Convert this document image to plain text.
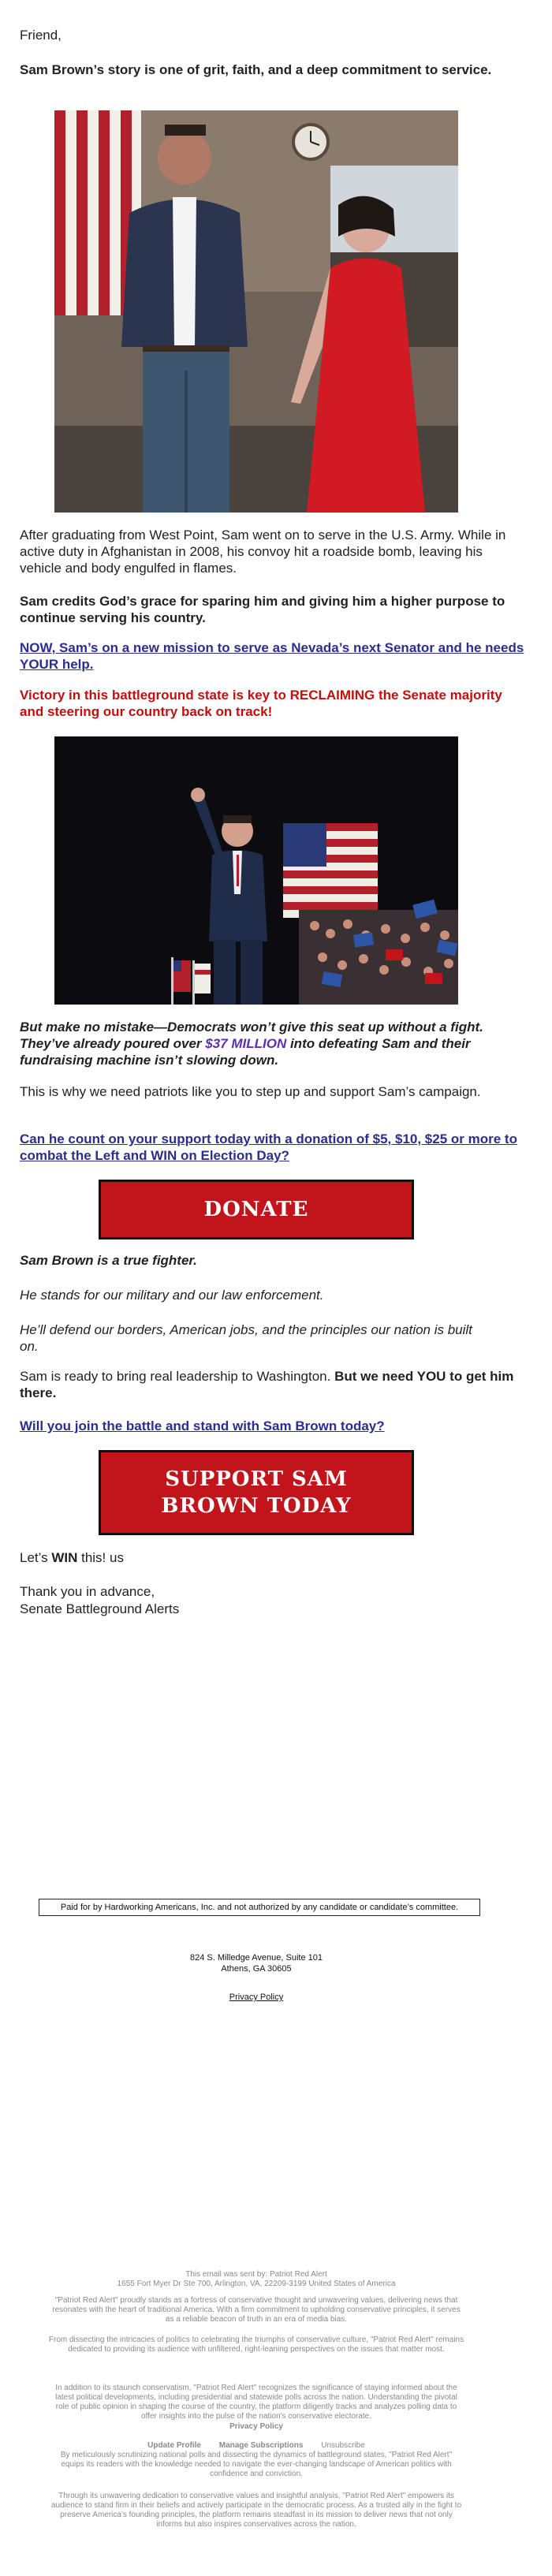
Friend,

Sam Brown’s story is one of grit, faith, and a deep commitment to service.

After graduating from West Point, Sam went on to serve in the U.S. Army. While in active duty in Afghanistan in 2008, his convoy hit a roadside bomb, leaving his vehicle and body engulfed in flames.

Sam credits God’s grace for sparing him and giving him a higher purpose to continue serving his country.

NOW, Sam’s on a new mission to serve as Nevada’s next Senator and he needs YOUR help.

Victory in this battleground state is key to RECLAIMING the Senate majority and steering our country back on track!

But make no mistake—Democrats won’t give this seat up without a fight. They’ve already poured over $37 MILLION into defeating Sam and their fundraising machine isn’t slowing down.

This is why we need patriots like you to step up and support Sam’s campaign.

Can he count on your support today with a donation of $5, $10, $25 or more to combat the Left and WIN on Election Day?

DONATE

Sam Brown is a true fighter.

He stands for our military and our law enforcement.

He’ll defend our borders, American jobs, and the principles our nation is built on.

Sam is ready to bring real leadership to Washington. But we need YOU to get him there.

Will you join the battle and stand with Sam Brown today?

SUPPORT SAM BROWN TODAY

Let’s WIN this! us

Thank you in advance,

Senate Battleground Alerts

Paid for by Hardworking Americans, Inc. and not authorized by any candidate or candidate’s committee.
824 S. Milledge Avenue, Suite 101
Athens, GA 30605
Privacy Policy
This email was sent by: Patriot Red Alert
1655 Fort Myer Dr Ste 700, Arlington, VA, 22209-3199 United States of America
"Patriot Red Alert" proudly stands as a fortress of conservative thought and unwavering values, delivering news that resonates with the heart of traditional America. With a firm commitment to upholding conservative principles, it serves as a reliable beacon of truth in an era of media bias.
From dissecting the intricacies of politics to celebrating the triumphs of conservative culture, "Patriot Red Alert" remains dedicated to providing its audience with unfiltered, right-leaning perspectives on the issues that matter most.
In addition to its staunch conservatism, "Patriot Red Alert" recognizes the significance of staying informed about the latest political developments, including presidential and statewide polls across the nation. Understanding the pivotal role of public opinion in shaping the course of the country, the platform diligently tracks and analyzes polling data to offer insights into the pulse of the nation's conservative electorate.
Privacy Policy
Update Profile Manage Subscriptions Unsubscribe
By meticulously scrutinizing national polls and dissecting the dynamics of battleground states, "Patriot Red Alert" equips its readers with the knowledge needed to navigate the ever-changing landscape of American politics with confidence and conviction.
Through its unwavering dedication to conservative values and insightful analysis, "Patriot Red Alert" empowers its audience to stand firm in their beliefs and actively participate in the democratic process. As a trusted ally in the fight to preserve America's founding principles, the platform remains steadfast in its mission to deliver news that not only informs but also inspires conservatives across the nation.
